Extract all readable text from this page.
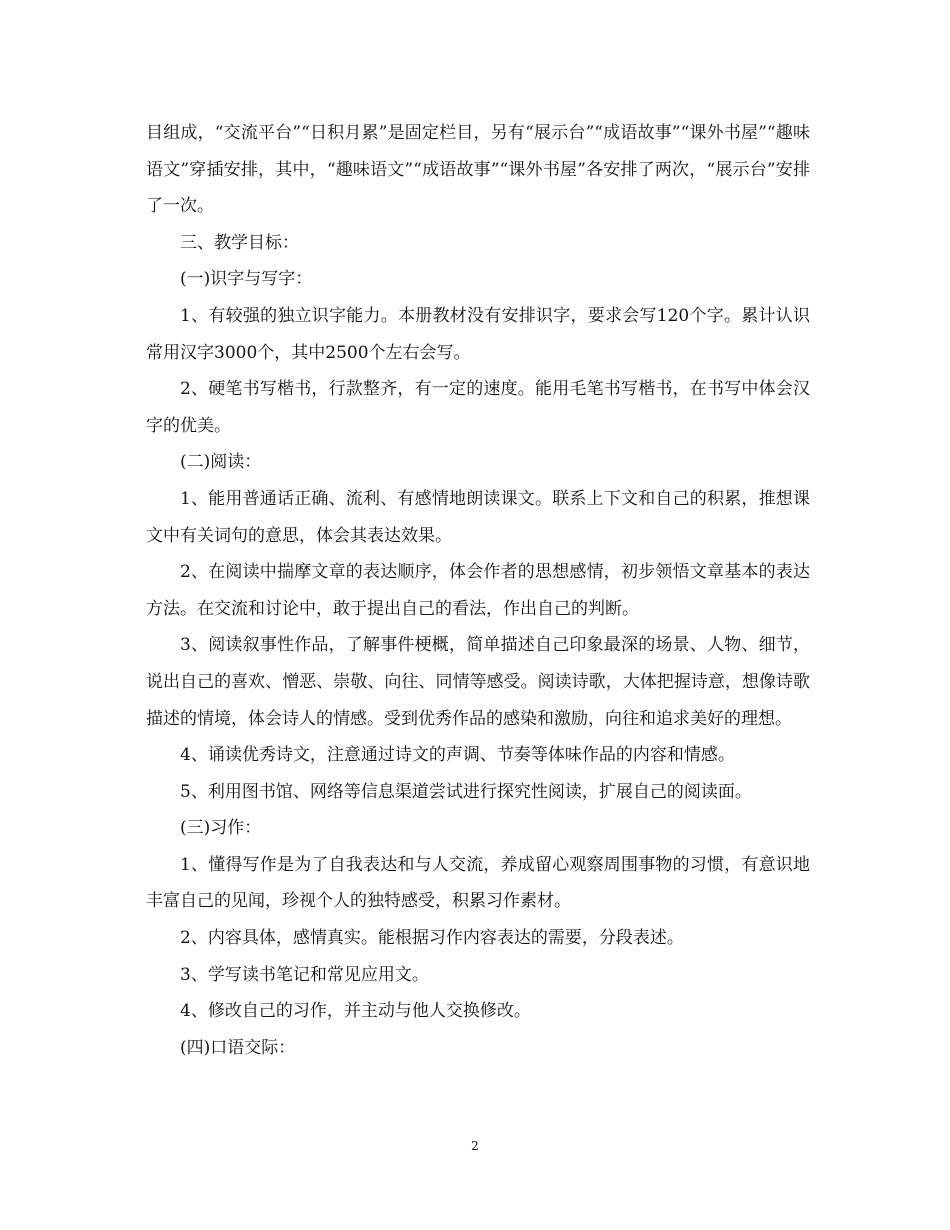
目组成，“交流平台”“日积月累”是固定栏目，另有“展示台”“成语故事”“课外书屋”“趣味语文”穿插安排，其中，“趣味语文”“成语故事”“课外书屋”各安排了两次，“展示台”安排了一次。

三、教学目标：

(一)识字与写字：

1、有较强的独立识字能力。本册教材没有安排识字，要求会写120个字。累计认识常用汉字3000个，其中2500个左右会写。

2、硬笔书写楷书，行款整齐，有一定的速度。能用毛笔书写楷书，在书写中体会汉字的优美。

(二)阅读：

1、能用普通话正确、流利、有感情地朗读课文。联系上下文和自己的积累，推想课文中有关词句的意思，体会其表达效果。

2、在阅读中揣摩文章的表达顺序，体会作者的思想感情，初步领悟文章基本的表达方法。在交流和讨论中，敢于提出自己的看法，作出自己的判断。

3、阅读叙事性作品，了解事件梗概，简单描述自己印象最深的场景、人物、细节，说出自己的喜欢、憎恶、崇敬、向往、同情等感受。阅读诗歌，大体把握诗意，想像诗歌描述的情境，体会诗人的情感。受到优秀作品的感染和激励，向往和追求美好的理想。

4、诵读优秀诗文，注意通过诗文的声调、节奏等体味作品的内容和情感。

5、利用图书馆、网络等信息渠道尝试进行探究性阅读，扩展自己的阅读面。

(三)习作：

1、懂得写作是为了自我表达和与人交流，养成留心观察周围事物的习惯，有意识地丰富自己的见闻，珍视个人的独特感受，积累习作素材。

2、内容具体，感情真实。能根据习作内容表达的需要，分段表述。

3、学写读书笔记和常见应用文。

4、修改自己的习作，并主动与他人交换修改。

(四)口语交际：

2
